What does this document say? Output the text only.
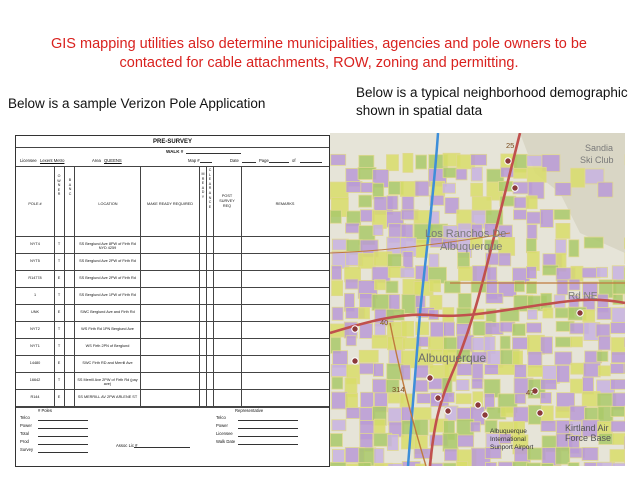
GIS mapping utilities also determine municipalities, agencies and pole owners to be contacted for cable attachments, ROW, zoning and permitting.
Below is a sample Verizon Pole Application
Below is a typical neighborhood demographic shown in spatial data
PRE-SURVEY
WALK #
Licensee Lexent Metro	Area QUEENS	Map #	Date	Page	of
POLE #
O
W
N
E
R
B
A
N
C
LOCATION	MAKE READY REQUIRED
M
R
E
A
D
Y
C
L
E
A
R
A
N
C
E
POST
SURVEY
REQ	REMARKS
NYT4	T	SS Berglund Ave 8PW of Firth Rd NYD 4259
NYT5	T	SS Berglund Ave 2PW of Firth Rd
R14778	E	SS Berglund Ave 2PW of Firth Rd
1	T	SS Berglund Ave 1PW of Firth Rd
UNK	E	SWC Berglund Ave and Firth Rd
NYT2	T	WS Firth Rd 1PN Berglund Ave
NYT1	T	WS Firth 2PN of Berglund
14480	E	SWC Firth RD and Merrill Ave
16642	T	SS Merrill Ave 2PW of Firth Rd (pay ave)
R144	E	SS MERRILL AV 2PW ARLENE ST
# Poles	Representative
Telco
Power
Total
Prod
Survey
Telco
Power
Licensee
Walk Date
Assoc Lic #
Sandia
Ski Club
Los Ranchos De
Albuquerque
Albuquerque
Rd NE
Albuquerque
International
Sunport Airport
Kirtland Air
Force Base
25
40
314	47
